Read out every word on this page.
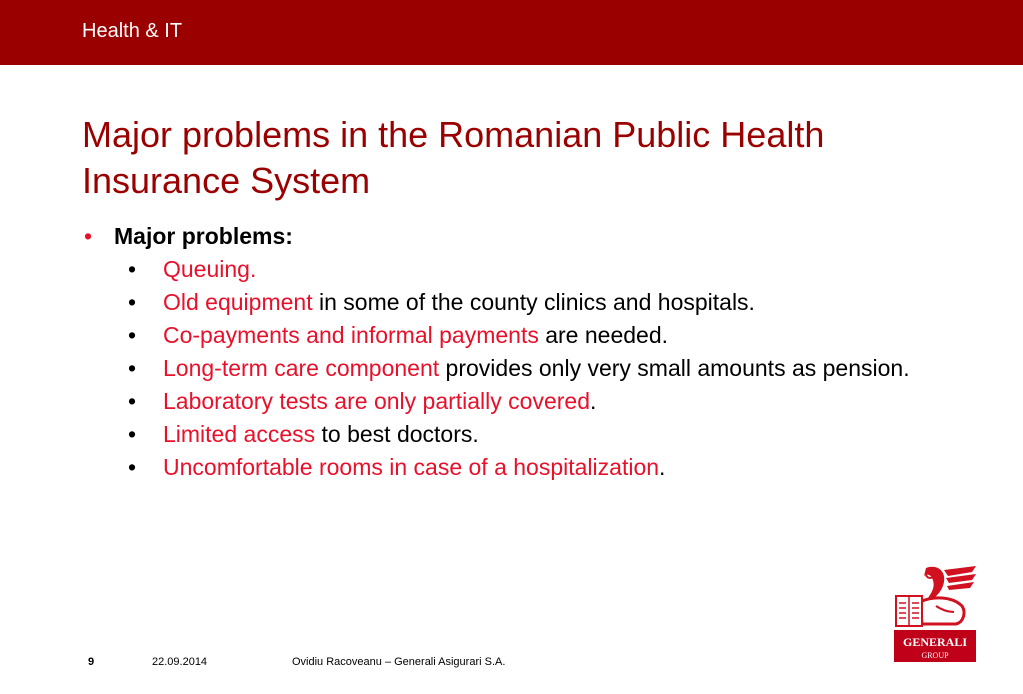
Health & IT
Major problems in the Romanian Public Health Insurance System
• Major problems:
• Queuing.
• Old equipment in some of the county clinics and hospitals.
• Co-payments and informal payments are needed.
• Long-term care component provides only very small amounts as pension.
• Laboratory tests are only partially covered.
• Limited access to best doctors.
• Uncomfortable rooms in case of a hospitalization.
GENERALI
GROUP
9	22.09.2014	Ovidiu Racoveanu – Generali Asigurari S.A.
